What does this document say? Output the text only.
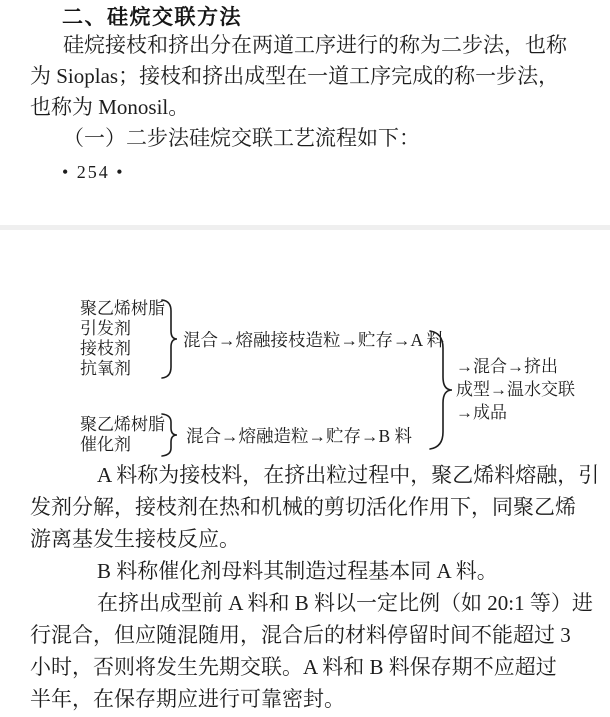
二、硅烷交联方法
硅烷接枝和挤出分在两道工序进行的称为二步法，也称
为 Sioplas；接枝和挤出成型在一道工序完成的称一步法，
也称为 Monosil。
（一）二步法硅烷交联工艺流程如下：
• 254 •
聚乙烯树脂
引发剂
接枝剂
抗氧剂
混合→熔融接枝造粒→贮存→A 料
聚乙烯树脂
催化剂	混合→熔融造粒→贮存→B 料
→混合→挤出
成型→温水交联
→成品
A 料称为接枝料，在挤出粒过程中，聚乙烯料熔融，引
发剂分解，接枝剂在热和机械的剪切活化作用下，同聚乙烯
游离基发生接枝反应。
B 料称催化剂母料其制造过程基本同 A 料。
在挤出成型前 A 料和 B 料以一定比例（如 20:1 等）进
行混合，但应随混随用，混合后的材料停留时间不能超过 3
小时，否则将发生先期交联。A 料和 B 料保存期不应超过
半年，在保存期应进行可靠密封。
